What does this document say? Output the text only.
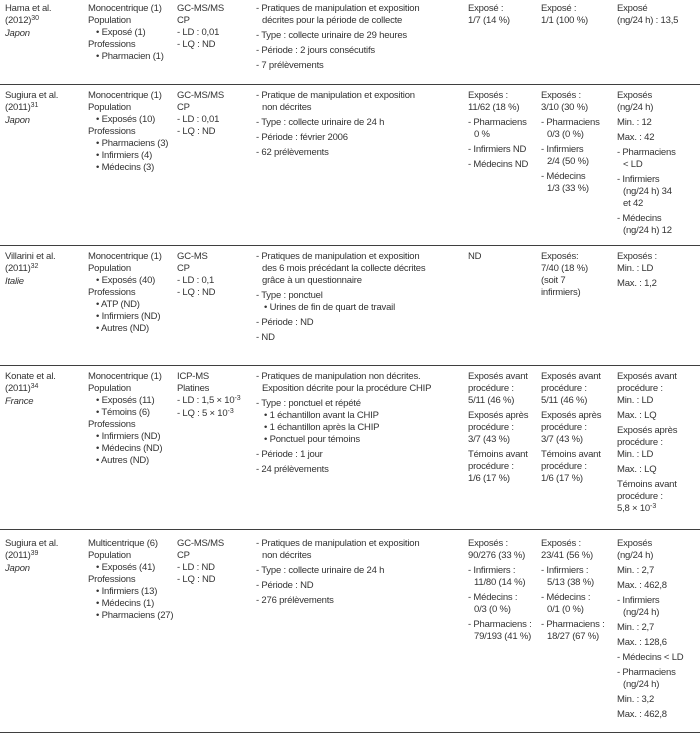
Hama et al.
$(2012)^{30}$
Japon
Monocentrique (1)
Population
• Exposé (1)
Professions
• Pharmacien (1)
GC-MS/MS
CP
- LD : 0,01
- LQ : ND
- Pratiques de manipulation et exposition
décrites pour la période de collecte
- Type : collecte urinaire de 29 heures
- Période : 2 jours consécutifs
- 7 prélèvements
Exposé :
1/7 (14 %)
Exposé :
1/1 (100 %)
Exposé
(ng/24 h) : 13,5
Sugiura et al.
$(2011)^{31}$
Japon
Monocentrique (1)
Population
• Exposés (10)
Professions
• Pharmaciens (3)
• Infirmiers (4)
• Médecins (3)
GC-MS/MS
CP
- LD : 0,01
- LQ : ND
- Pratique de manipulation et exposition
non décrites
- Type : collecte urinaire de 24 h
- Période : février 2006
- 62 prélèvements
Exposés :
11/62 (18 %)
- Pharmaciens
0 %
- Infirmiers ND
- Médecins ND
Exposés :
3/10 (30 %)
- Pharmaciens
0/3 (0 %)
- Infirmiers
2/4 (50 %)
- Médecins
1/3 (33 %)
Exposés
(ng/24 h)
Min. : 12
Max. : 42
- Pharmaciens
< LD
- Infirmiers
(ng/24 h) 34
et 42
- Médecins
(ng/24 h) 12
Villarini et al.
$(2011)^{32}$
Italie
Monocentrique (1)
Population
• Exposés (40)
Professions
• ATP (ND)
• Infirmiers (ND)
• Autres (ND)
GC-MS
CP
- LD : 0,1
- LQ : ND
- Pratiques de manipulation et exposition
des 6 mois précédant la collecte décrites
grâce à un questionnaire
- Type : ponctuel
• Urines de fin de quart de travail
- Période : ND
- ND
ND	Exposés:
7/40 (18 %)
(soit 7
infirmiers)
Exposés :
Min. : LD
Max. : 1,2
Konate et al.
$(2011)^{34}$
France
Monocentrique (1)
Population
• Exposés (11)
• Témoins (6)
Professions
• Infirmiers (ND)
• Médecins (ND)
• Autres (ND)
ICP-MS
Platines
- LD : $1,5 \times 10^{-3}$
- LQ : $5 \times 10^{-3}$
- Pratiques de manipulation non décrites.
Exposition décrite pour la procédure CHIP
- Type : ponctuel et répété
• 1 échantillon avant la CHIP
• 1 échantillon après la CHIP
• Ponctuel pour témoins
- Période : 1 jour
- 24 prélèvements
Exposés avant
procédure :
5/11 (46 %)
Exposés après
procédure :
3/7 (43 %)
Témoins avant
procédure :
1/6 (17 %)
Exposés avant
procédure :
5/11 (46 %)
Exposés après
procédure :
3/7 (43 %)
Témoins avant
procédure :
1/6 (17 %)
Exposés avant
procédure :
Min. : LD
Max. : LQ
Exposés après
procédure :
Min. : LD
Max. : LQ
Témoins avant
procédure :
$5,8 \times 10^{-3}$
Sugiura et al.
$(2011)^{39}$
Japon
Multicentrique (6)
Population
• Exposés (41)
Professions
• Infirmiers (13)
• Médecins (1)
• Pharmaciens (27)
GC-MS/MS
CP
- LD : ND
- LQ : ND
- Pratiques de manipulation et exposition
non décrites
- Type : collecte urinaire de 24 h
- Période : ND
- 276 prélèvements
Exposés :
90/276 (33 %)
- Infirmiers :
11/80 (14 %)
- Médecins :
0/3 (0 %)
- Pharmaciens :
79/193 (41 %)
Exposés :
23/41 (56 %)
- Infirmiers :
5/13 (38 %)
- Médecins :
0/1 (0 %)
- Pharmaciens :
18/27 (67 %)
Exposés
(ng/24 h)
Min. : 2,7
Max. : 462,8
- Infirmiers
(ng/24 h)
Min. : 2,7
Max. : 128,6
- Médecins < LD
- Pharmaciens
(ng/24 h)
Min. : 3,2
Max. : 462,8
